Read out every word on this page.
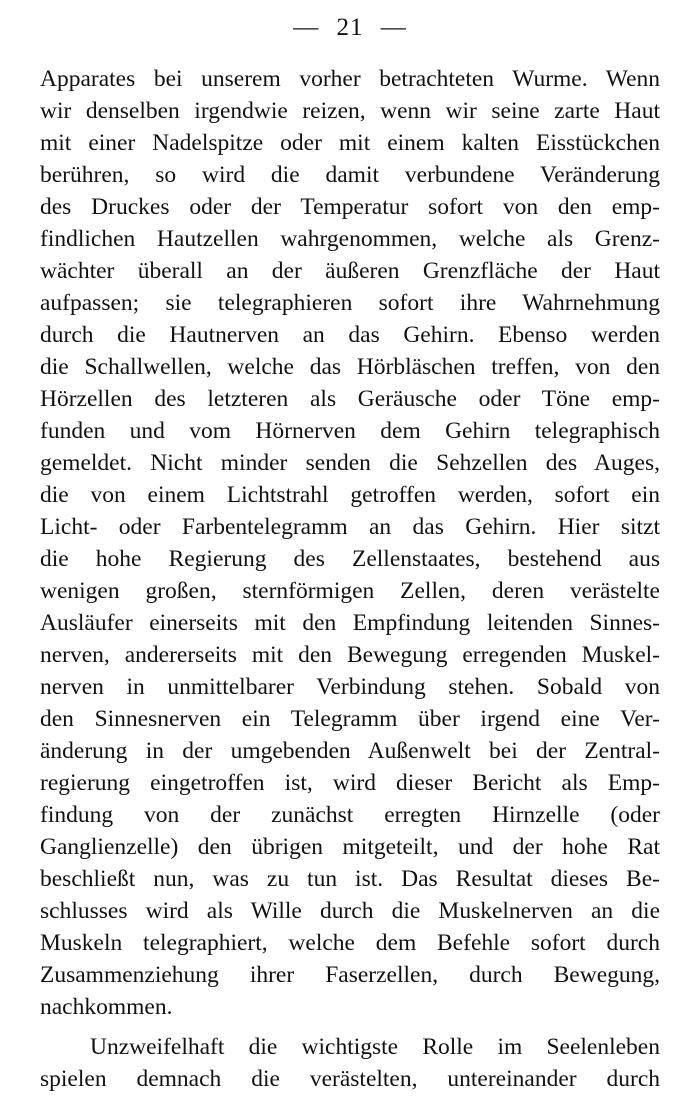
— 21 —
Apparates bei unserem vorher betrachteten Wurme. Wenn
wir denselben irgendwie reizen, wenn wir seine zarte Haut
mit einer Nadelspitze oder mit einem kalten Eisstückchen
berühren, so wird die damit verbundene Veränderung
des Druckes oder der Temperatur sofort von den emp-
findlichen Hautzellen wahrgenommen, welche als Grenz-
wächter überall an der äußeren Grenzfläche der Haut
aufpassen; sie telegraphieren sofort ihre Wahrnehmung
durch die Hautnerven an das Gehirn. Ebenso werden
die Schallwellen, welche das Hörbläschen treffen, von den
Hörzellen des letzteren als Geräusche oder Töne emp-
funden und vom Hörnerven dem Gehirn telegraphisch
gemeldet. Nicht minder senden die Sehzellen des Auges,
die von einem Lichtstrahl getroffen werden, sofort ein
Licht- oder Farbentelegramm an das Gehirn. Hier sitzt
die hohe Regierung des Zellenstaates, bestehend aus
wenigen großen, sternförmigen Zellen, deren verästelte
Ausläufer einerseits mit den Empfindung leitenden Sinnes-
nerven, andererseits mit den Bewegung erregenden Muskel-
nerven in unmittelbarer Verbindung stehen. Sobald von
den Sinnesnerven ein Telegramm über irgend eine Ver-
änderung in der umgebenden Außenwelt bei der Zentral-
regierung eingetroffen ist, wird dieser Bericht als Emp-
findung von der zunächst erregten Hirnzelle (oder
Ganglienzelle) den übrigen mitgeteilt, und der hohe Rat
beschließt nun, was zu tun ist. Das Resultat dieses Be-
schlusses wird als Wille durch die Muskelnerven an die
Muskeln telegraphiert, welche dem Befehle sofort durch
Zusammenziehung ihrer Faserzellen, durch Bewegung,
nachkommen.
Unzweifelhaft die wichtigste Rolle im Seelenleben
spielen demnach die verästelten, untereinander durch
